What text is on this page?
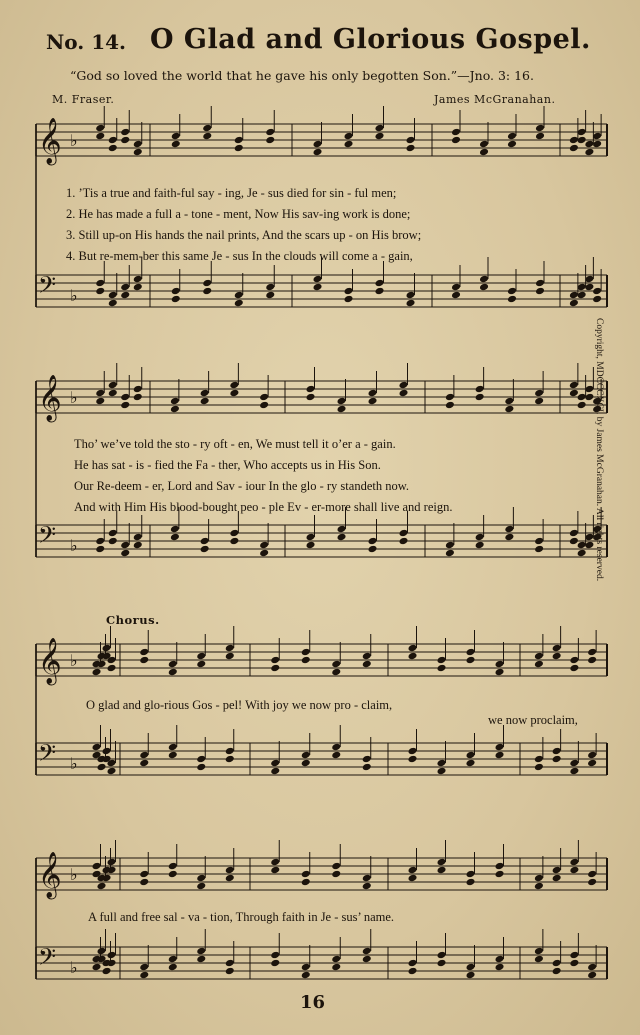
No. 14. O Glad and Glorious Gospel.
“God so loved the world that he gave his only begotten Son.”—Jno. 3: 16.
M. Fraser.	James McGranahan.
𝄞 ♭
𝄢 ♭
𝄞 ♭
𝄢 ♭
𝄞 ♭
𝄢 ♭
𝄞 ♭
𝄢 ♭
1. ’Tis a true and faith-ful say - ing, Je - sus died for sin - ful men;
2. He has made a full a - tone - ment, Now His sav-ing work is done;
3. Still up-on His hands the nail prints, And the scars up - on His brow;
4. But re-mem-ber this same Je - sus In the clouds will come a - gain,
Tho’ we’ve told the sto - ry oft - en, We must tell it o’er a - gain.
He has sat - is - fied the Fa - ther, Who accepts us in His Son.
Our Re-deem - er, Lord and Sav - iour In the glo - ry standeth now.
And with Him His blood-bought peo - ple Ev - er-more shall live and reign.
Chorus.
O glad and glo-rious Gos - pel! With joy we now pro - claim,
we now proclaim,
A full and free sal - va - tion, Through faith in Je - sus’ name.
Copyright, MDCCCXCI, by James McGranahan. All rights reserved.
16
